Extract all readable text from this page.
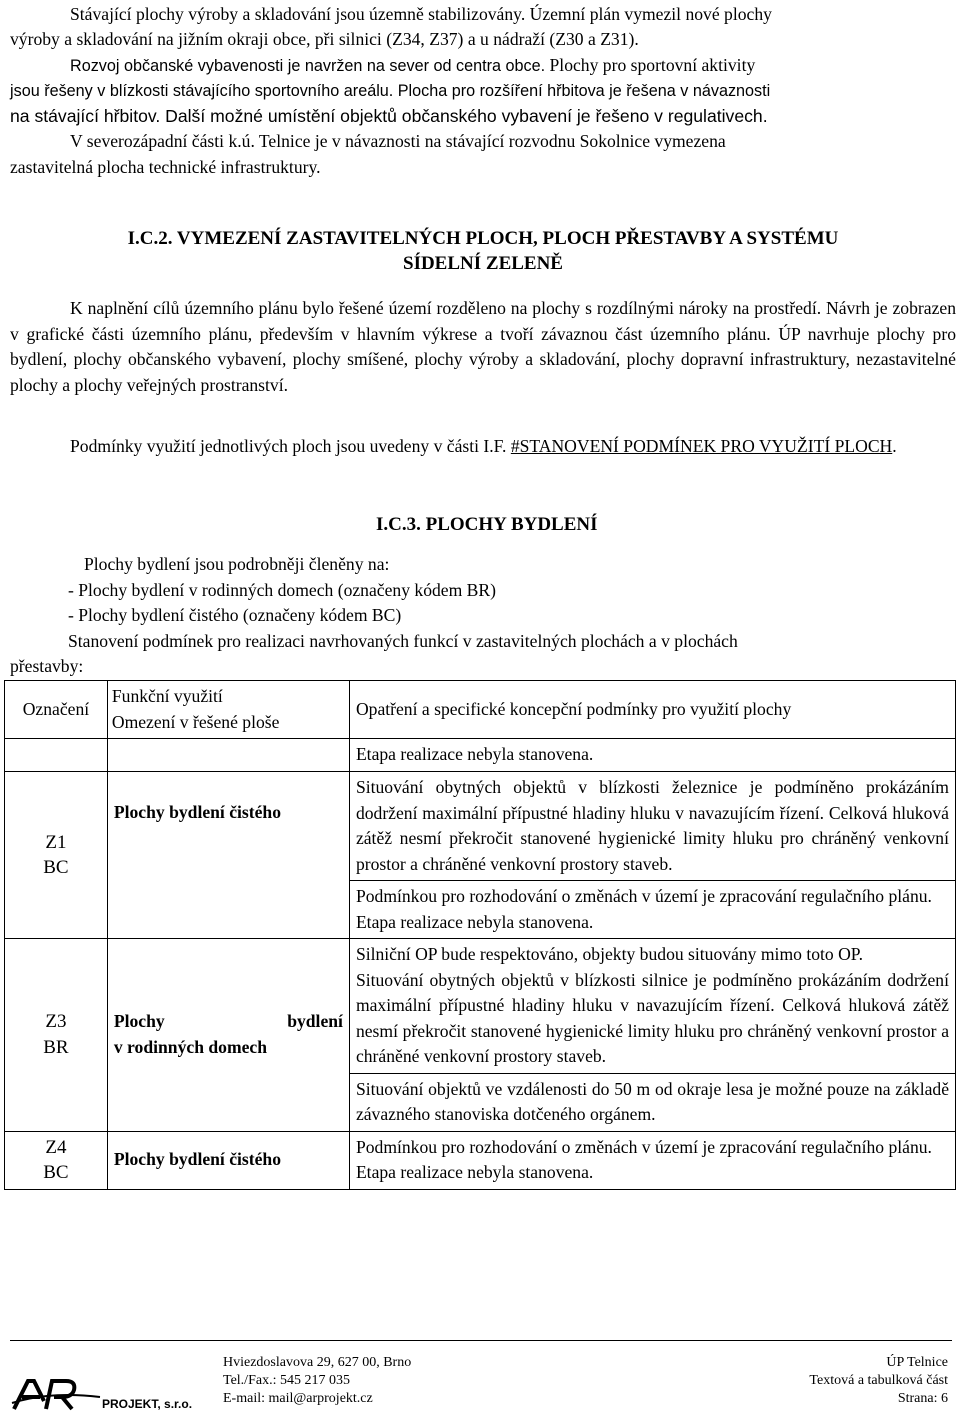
Stávající plochy výroby a skladování jsou územně stabilizovány. Územní plán vymezil nové plochy
výroby a skladování na jižním okraji obce, při silnici (Z34, Z37) a u nádraží (Z30 a Z31).
Rozvoj občanské vybavenosti je navržen na sever od centra obce. Plochy pro sportovní aktivity
jsou řešeny v blízkosti stávajícího sportovního areálu. Plocha pro rozšíření hřbitova je řešena v návaznosti
na stávající hřbitov. Další možné umístění objektů občanského vybavení je řešeno v regulativech.
V severozápadní části k.ú. Telnice je v návaznosti na stávající rozvodnu Sokolnice vymezena
zastavitelná plocha technické infrastruktury.
I.C.2. VYMEZENÍ ZASTAVITELNÝCH PLOCH, PLOCH PŘESTAVBY A SYSTÉMU
SÍDELNÍ ZELENĚ

K naplnění cílů územního plánu bylo řešené území rozděleno na plochy s rozdílnými nároky na prostředí. Návrh je zobrazen v grafické části územního plánu, především v hlavním výkrese a tvoří závaznou část územního plánu. ÚP navrhuje plochy pro bydlení, plochy občanského vybavení, plochy smíšené, plochy výroby a skladování, plochy dopravní infrastruktury, nezastavitelné plochy a plochy veřejných prostranství.

Podmínky využití jednotlivých ploch jsou uvedeny v části I.F. #STANOVENÍ PODMÍNEK PRO VYUŽITÍ PLOCH.

I.C.3. PLOCHY BYDLENÍ
Plochy bydlení jsou podrobněji členěny na:
- Plochy bydlení v rodinných domech (označeny kódem BR)
- Plochy bydlení čistého (označeny kódem BC)
Stanovení podmínek pro realizaci navrhovaných funkcí v zastavitelných plochách a v plochách
přestavby:
Označení	Funkční využití
Omezení v řešené ploše	Opatření a specifické koncepční podmínky pro využití plochy
		Etapa realizace nebyla stanovena.

Z1
BC	Plochy bydlení čistého	Situování obytných objektů v blízkosti železnice je podmíněno prokázáním dodržení maximální přípustné hladiny hluku v navazujícím řízení. Celková hluková zátěž nesmí překročit stanovené hygienické limity hluku pro chráněný venkovní prostor a chráněné venkovní prostory staveb.
Podmínkou pro rozhodování o změnách v území je zpracování regulačního plánu.
Etapa realizace nebyla stanovena.

Z3
BR	Plochy bydlení
v rodinných domech	Silniční OP bude respektováno, objekty budou situovány mimo toto OP.
Situování obytných objektů v blízkosti silnice je podmíněno prokázáním dodržení maximální přípustné hladiny hluku v navazujícím řízení. Celková hluková zátěž nesmí překročit stanovené hygienické limity hluku pro chráněný venkovní prostor a chráněné venkovní prostory staveb.
Situování objektů ve vzdálenosti do 50 m od okraje lesa je možné pouze na základě závazného stanoviska dotčeného orgánem.

Z4
BC	Plochy bydlení čistého	Podmínkou pro rozhodování o změnách v území je zpracování regulačního plánu.
Etapa realizace nebyla stanovena.
PROJEKT, s.r.o.
Hviezdoslavova 29, 627 00, Brno
Tel./Fax.: 545 217 035
E-mail: mail@arprojekt.cz
ÚP Telnice
Textová a tabulková část
Strana: 6
